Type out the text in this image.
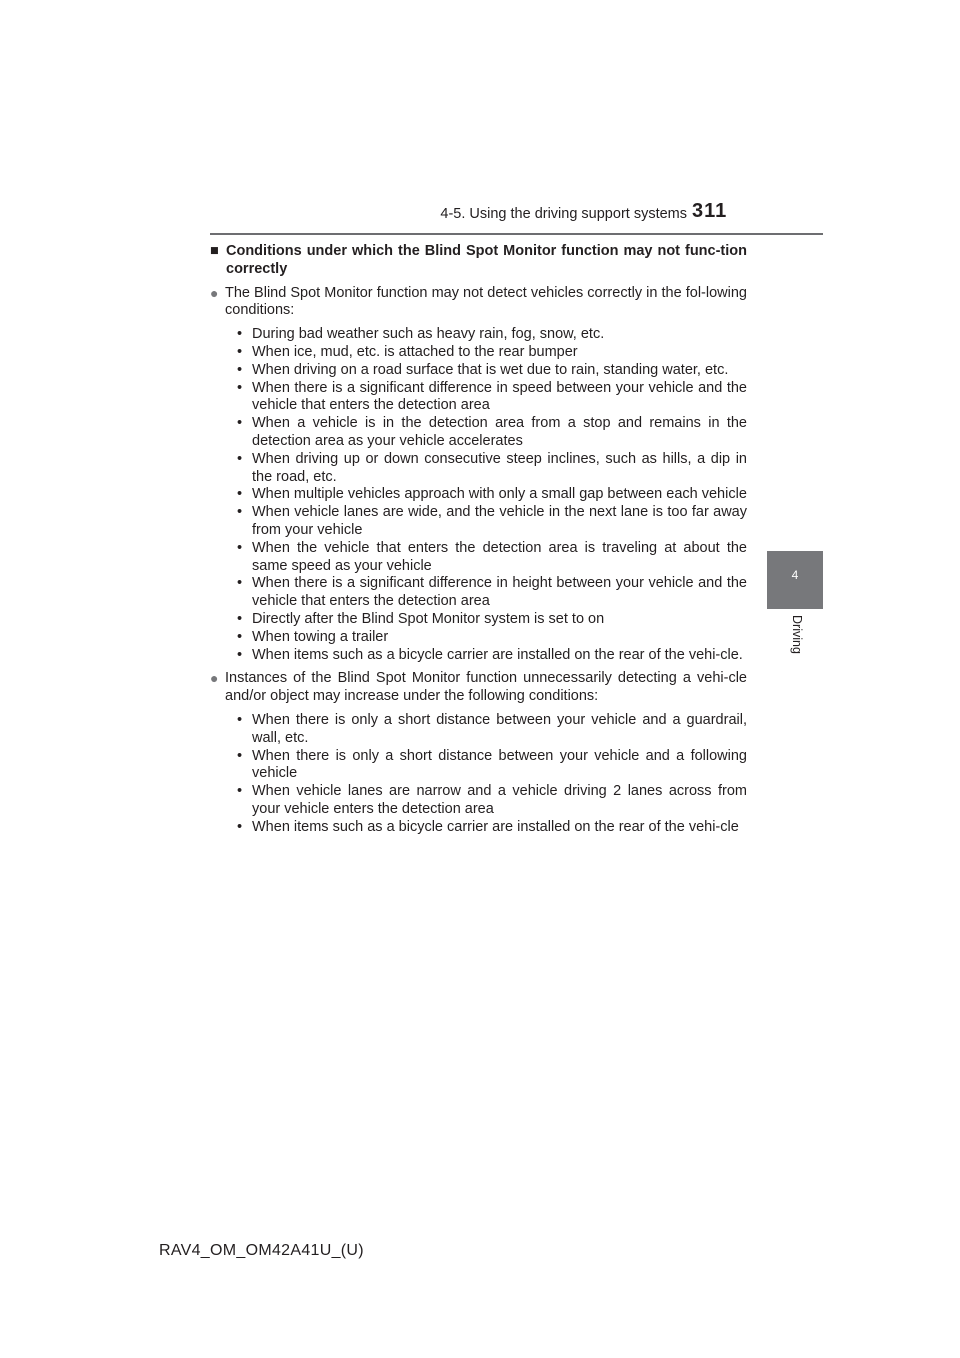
4-5. Using the driving support systems 311
4
Driving
■ Conditions under which the Blind Spot Monitor function may not func-tion correctly
● The Blind Spot Monitor function may not detect vehicles correctly in the fol-lowing conditions:
• During bad weather such as heavy rain, fog, snow, etc.
• When ice, mud, etc. is attached to the rear bumper
• When driving on a road surface that is wet due to rain, standing water, etc.
• When there is a significant difference in speed between your vehicle and the vehicle that enters the detection area
• When a vehicle is in the detection area from a stop and remains in the detection area as your vehicle accelerates
• When driving up or down consecutive steep inclines, such as hills, a dip in the road, etc.
• When multiple vehicles approach with only a small gap between each vehicle
• When vehicle lanes are wide, and the vehicle in the next lane is too far away from your vehicle
• When the vehicle that enters the detection area is traveling at about the same speed as your vehicle
• When there is a significant difference in height between your vehicle and the vehicle that enters the detection area
• Directly after the Blind Spot Monitor system is set to on
• When towing a trailer
• When items such as a bicycle carrier are installed on the rear of the vehi-cle.
● Instances of the Blind Spot Monitor function unnecessarily detecting a vehi-cle and/or object may increase under the following conditions:
• When there is only a short distance between your vehicle and a guardrail, wall, etc.
• When there is only a short distance between your vehicle and a following vehicle
• When vehicle lanes are narrow and a vehicle driving 2 lanes across from your vehicle enters the detection area
• When items such as a bicycle carrier are installed on the rear of the vehi-cle
RAV4_OM_OM42A41U_(U)
